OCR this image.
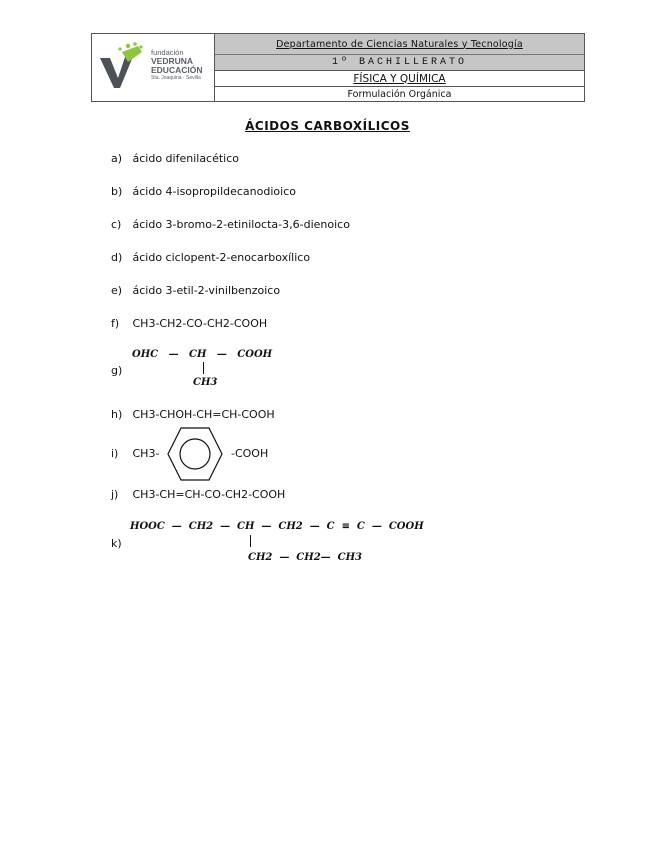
fundación
VEDRUNA
EDUCACIÓN
Sta. Joaquina · Sevilla
Departamento de Ciencias Naturales y Tecnología
1º BACHILLERATO
FÍSICA Y QUÍMICA
Formulación Orgánica
ÁCIDOS CARBOXÍLICOS
a) ácido difenilacético
b) ácido 4-isopropildecanodioico
c) ácido 3-bromo-2-etinilocta-3,6-dienoico
d) ácido ciclopent-2-enocarboxílico
e) ácido 3-etil-2-vinilbenzoico
f) CH3-CH2-CO-CH2-COOH
g)
OHC   —   CH   —   COOH
CH3
h) CH3-CHOH-CH=CH-COOH
i) CH3-	-COOH
j) CH3-CH=CH-CO-CH2-COOH
k)
HOOC  —  CH2  —  CH  —  CH2  —  C  ≡  C  —  COOH
CH2  —  CH2—  CH3
